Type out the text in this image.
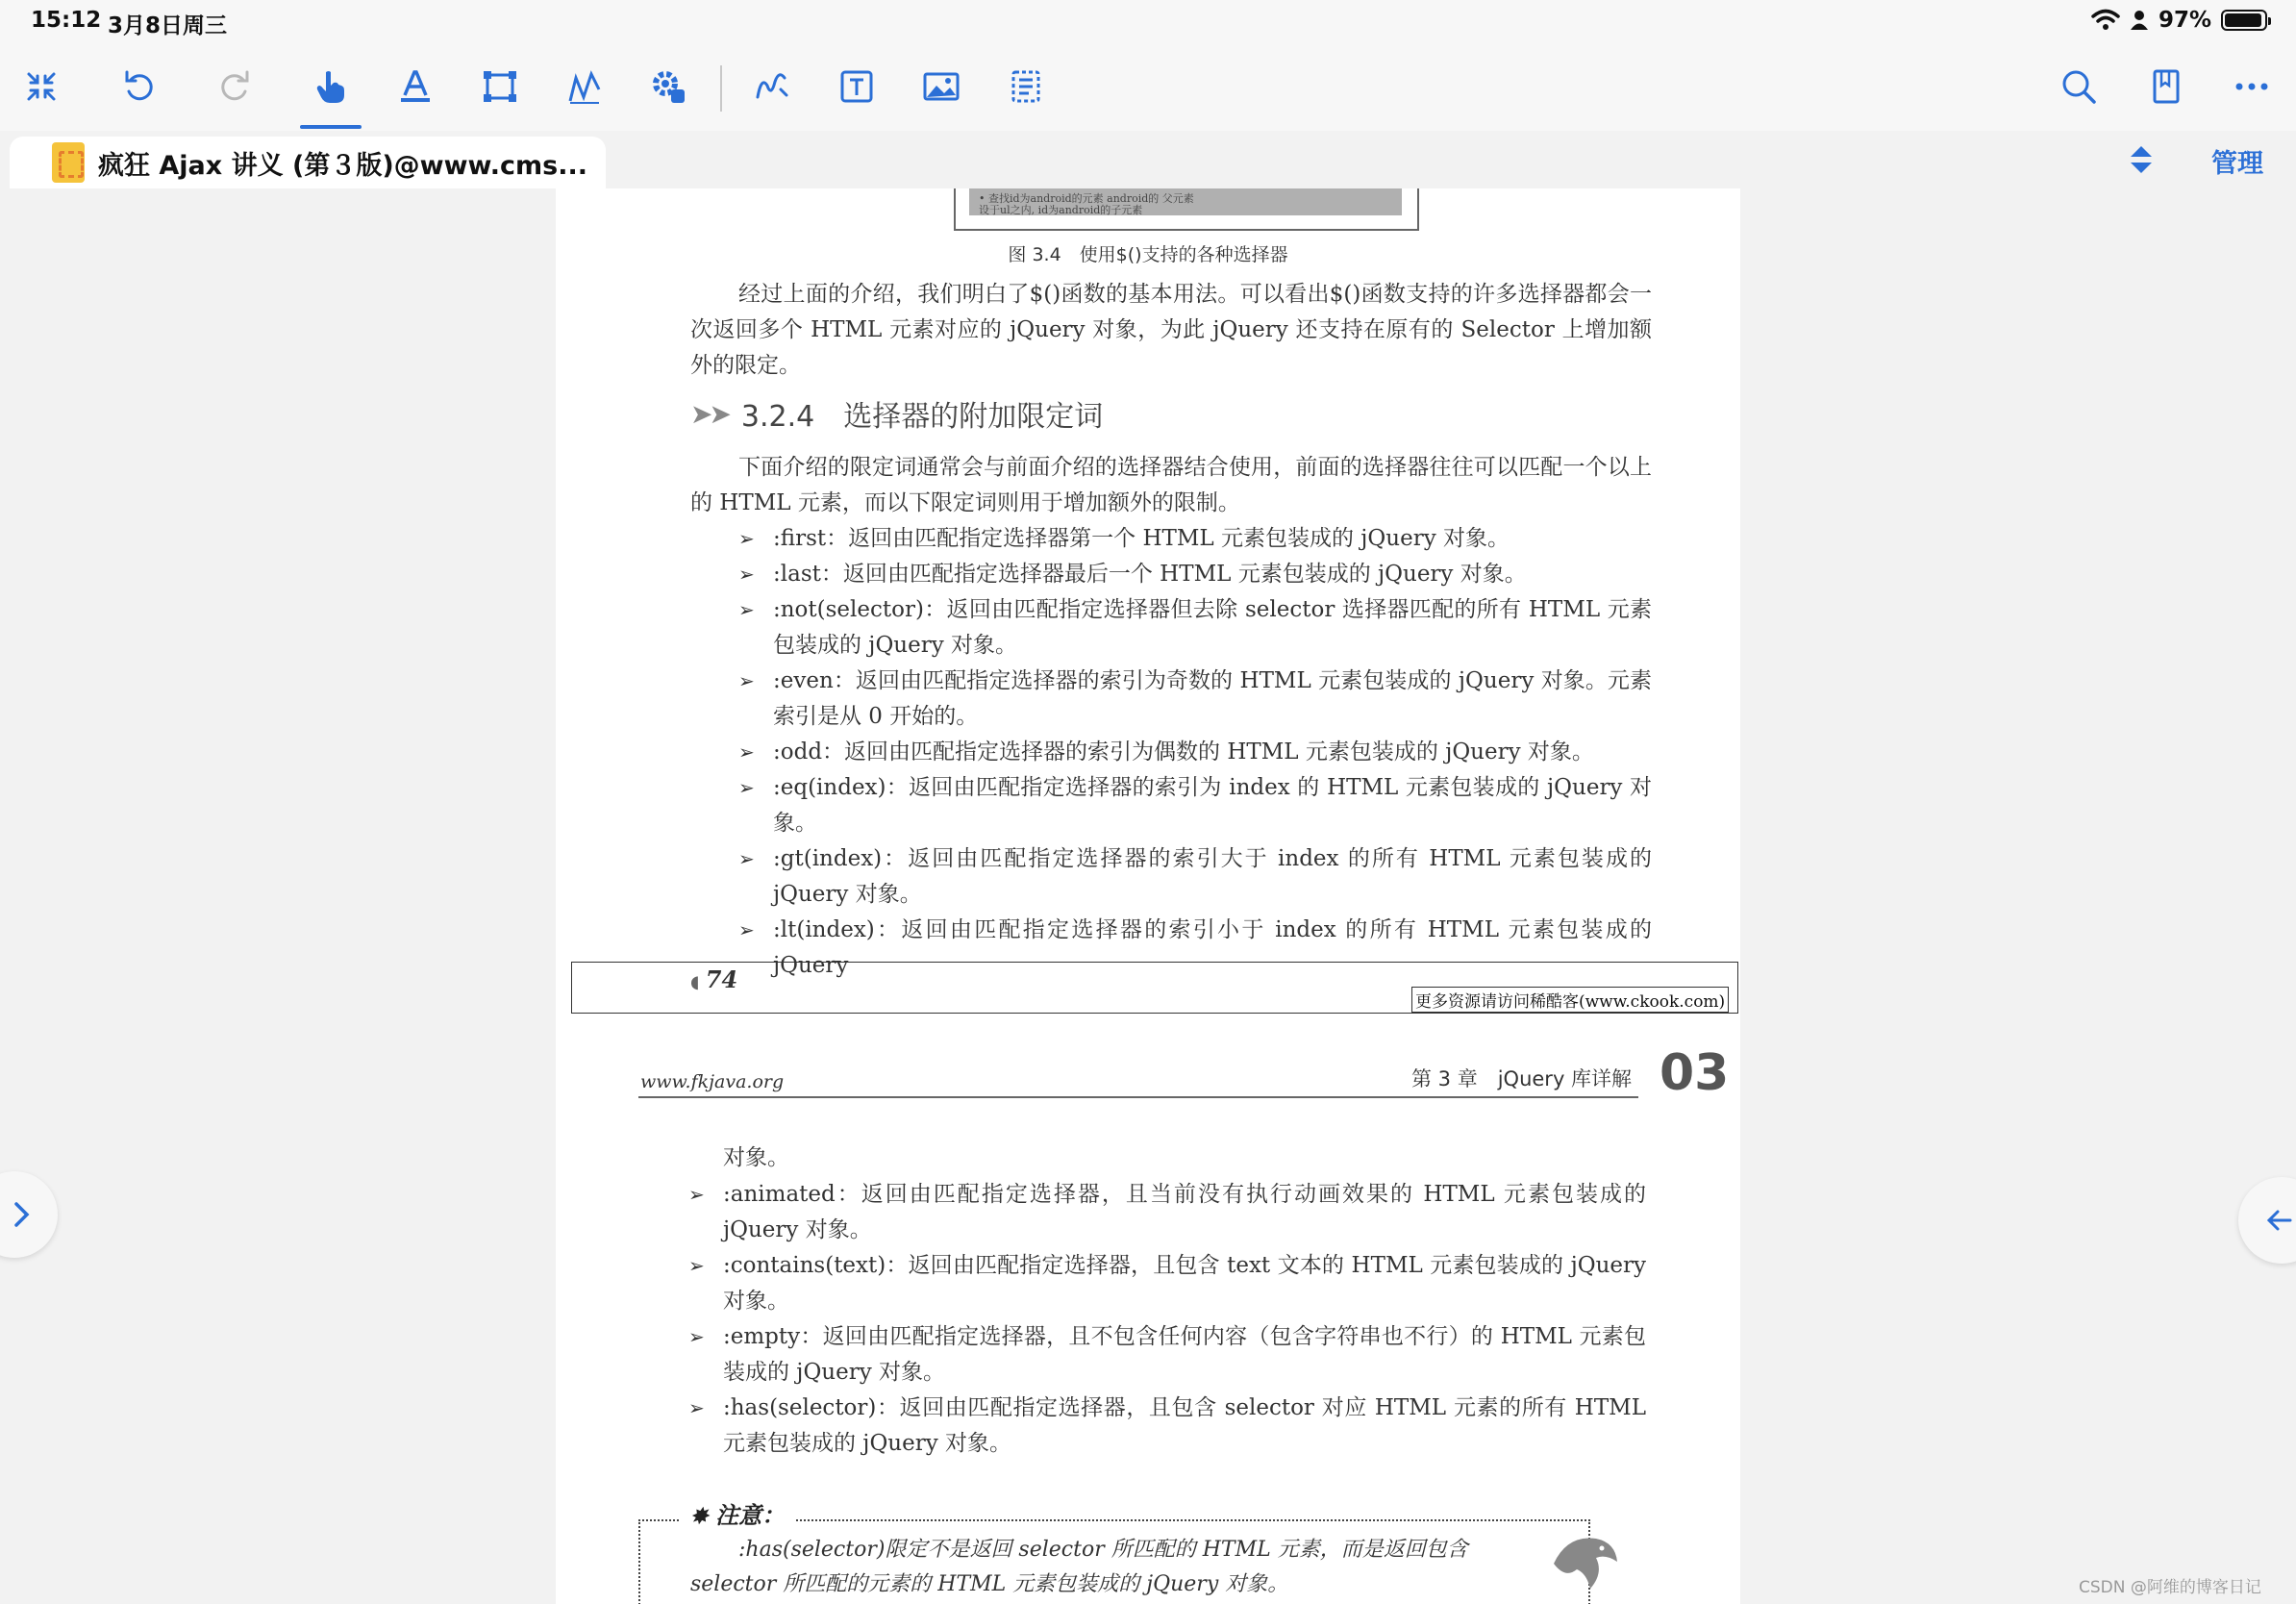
15:12 3月8日周三	97%
疯狂 Ajax 讲义 (第３版)@www.cms...	管理
• 查找id为android的元素 android的 父元素
设于ul之内, id为android的子元素
图 3.4　使用$()支持的各种选择器

经过上面的介绍，我们明白了$()函数的基本用法。可以看出$()函数支持的许多选择器都会一次返回多个 HTML 元素对应的 jQuery 对象，为此 jQuery 还支持在原有的 Selector 上增加额外的限定。

➤➤ 3.2.4　选择器的附加限定词

下面介绍的限定词通常会与前面介绍的选择器结合使用，前面的选择器往往可以匹配一个以上的 HTML 元素，而以下限定词则用于增加额外的限制。

➢ :first：返回由匹配指定选择器第一个 HTML 元素包装成的 jQuery 对象。
➢ :last：返回由匹配指定选择器最后一个 HTML 元素包装成的 jQuery 对象。
➢ :not(selector)：返回由匹配指定选择器但去除 selector 选择器匹配的所有 HTML 元素包装成的 jQuery 对象。
➢ :even：返回由匹配指定选择器的索引为奇数的 HTML 元素包装成的 jQuery 对象。元素索引是从 0 开始的。
➢ :odd：返回由匹配指定选择器的索引为偶数的 HTML 元素包装成的 jQuery 对象。
➢ :eq(index)：返回由匹配指定选择器的索引为 index 的 HTML 元素包装成的 jQuery 对象。
➢ :gt(index)：返回由匹配指定选择器的索引大于 index 的所有 HTML 元素包装成的 jQuery 对象。
➢ :lt(index)：返回由匹配指定选择器的索引小于 index 的所有 HTML 元素包装成的 jQuery
◖ 74
更多资源请访问稀酷客(www.ckook.com)
www.fkjava.org	第 3 章　jQuery 库详解 03

对象。

➢ :animated：返回由匹配指定选择器，且当前没有执行动画效果的 HTML 元素包装成的 jQuery 对象。
➢ :contains(text)：返回由匹配指定选择器，且包含 text 文本的 HTML 元素包装成的 jQuery 对象。
➢ :empty：返回由匹配指定选择器，且不包含任何内容（包含字符串也不行）的 HTML 元素包装成的 jQuery 对象。
➢ :has(selector)：返回由匹配指定选择器，且包含 selector 对应 HTML 元素的所有 HTML 元素包装成的 jQuery 对象。
✸ 注意：

:has(selector)限定不是返回 selector 所匹配的 HTML 元素，而是返回包含 selector 所匹配的元素的 HTML 元素包装成的 jQuery 对象。	CSDN @阿维的博客日记
